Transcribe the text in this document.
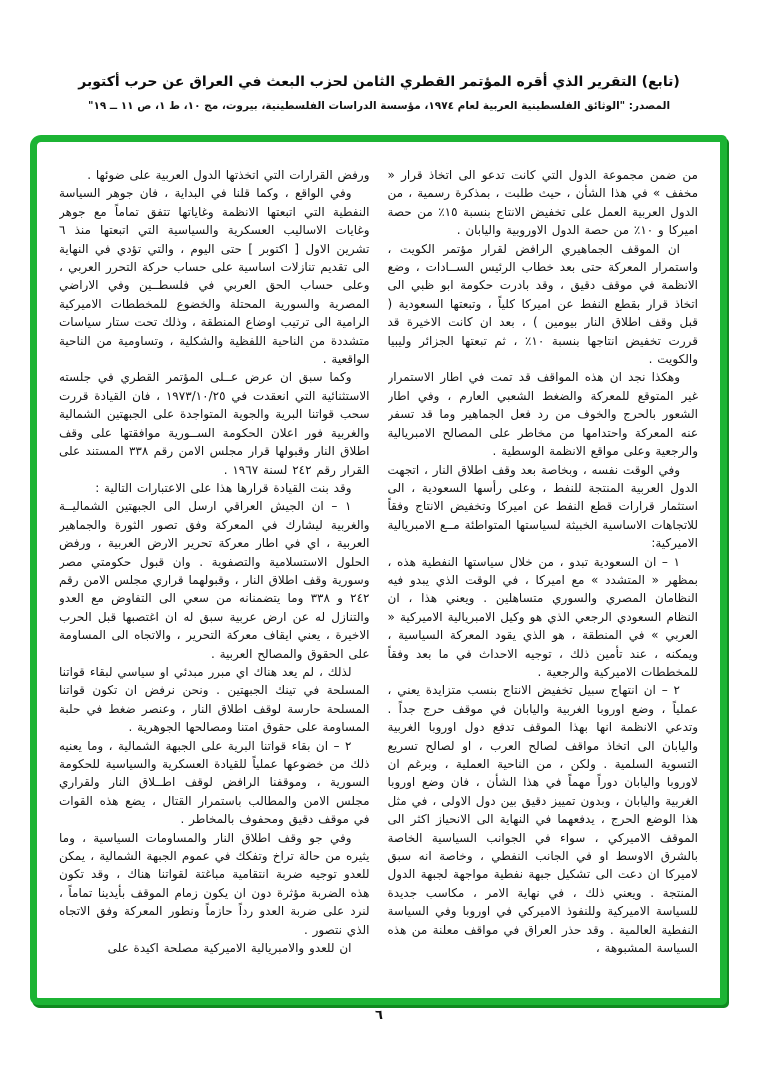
(تابع) التقرير الذي أقره المؤتمر القطري الثامن لحزب البعث في العراق عن حرب أكتوبر
المصدر: "الوثائق الفلسطينية العربية لعام ١٩٧٤، مؤسسة الدراسات الفلسطينية، بيروت، مج ١٠، ط ١، ص ١١ ــ ١٩"

من ضمن مجموعة الدول التي كانت تدعو الى اتخاذ قرار « مخفف » في هذا الشأن ، حيث طلبت ، بمذكرة رسمية ، من الدول العربية العمل على تخفيض الانتاج بنسبة ١٥٪ من حصة اميركا و ١٠٪ من حصة الدول الاوروبية واليابان .

ان الموقف الجماهيري الرافض لقرار مؤتمر الكويت ، واستمرار المعركة حتى بعد خطاب الرئيس الســادات ، وضع الانظمة في موقف دقيق ، وقد بادرت حكومة ابو ظبي الى اتخاذ قرار بقطع النفط عن اميركا كلياً ، وتبعتها السعودية ( قبل وقف اطلاق النار بيومين ) ، بعد ان كانت الاخيرة قد قررت تخفيض انتاجها بنسبة ١٠٪ ، ثم تبعتها الجزائر وليبيا والكويت .

وهكذا نجد ان هذه المواقف قد تمت في اطار الاستمرار غير المتوقع للمعركة والضغط الشعبي العارم ، وفي اطار الشعور بالحرج والخوف من رد فعل الجماهير وما قد تسفر عنه المعركة واحتدامها من مخاطر على المصالح الامبريالية والرجعية وعلى مواقع الانظمة الوسطية .

وفي الوقت نفسه ، وبخاصة بعد وقف اطلاق النار ، اتجهت الدول العربية المنتجة للنفط ، وعلى رأسها السعودية ، الى استثمار قرارات قطع النفط عن اميركا وتخفيض الانتاج وفقاً للاتجاهات الاساسية الخبيثة لسياستها المتواطئة مــع الامبريالية الاميركية:

١ – ان السعودية تبدو ، من خلال سياستها النفطية هذه ، بمظهر « المتشدد » مع اميركا ، في الوقت الذي يبدو فيه النظامان المصري والسوري متساهلين . ويعني هذا ، ان النظام السعودي الرجعي الذي هو وكيل الامبريالية الاميركية « العربي » في المنطقة ، هو الذي يقود المعركة السياسية ، ويمكنه ، عند تأمين ذلك ، توجيه الاحداث في ما بعد وفقاً للمخططات الاميركية والرجعية .

٢ – ان انتهاج سبيل تخفيض الانتاج بنسب متزايدة يعني ، عملياً ، وضع اوروبا الغربية واليابان في موقف حرج جداً . وتدعي الانظمة انها بهذا الموقف تدفع دول اوروبا الغربية واليابان الى اتخاذ مواقف لصالح العرب ، او لصالح تسريع التسوية السلمية . ولكن ، من الناحية العملية ، وبرغم ان لاوروبا واليابان دوراً مهماً في هذا الشأن ، فان وضع اوروبا الغربية واليابان ، وبدون تمييز دقيق بين دول الاولى ، في مثل هذا الوضع الحرج ، يدفعهما في النهاية الى الانحياز اكثر الى الموقف الاميركي ، سواء في الجوانب السياسية الخاصة بالشرق الاوسط او في الجانب النفطي ، وخاصة انه سبق لاميركا ان دعت الى تشكيل جبهة نفطية مواجهة لجبهة الدول المنتجة . ويعني ذلك ، في نهاية الامر ، مكاسب جديدة للسياسة الاميركية وللنفوذ الاميركي في اوروبا وفي السياسة النفطية العالمية . وقد حذر العراق في مواقف معلنة من هذه السياسة المشبوهة ،

ورفض القرارات التي اتخذتها الدول العربية على ضوئها .

وفي الواقع ، وكما قلنا في البداية ، فان جوهر السياسة النفطية التي اتبعتها الانظمة وغاياتها تتفق تماماً مع جوهر وغايات الاساليب العسكرية والسياسية التي اتبعتها منذ ٦ تشرين الاول [ اكتوبر ] حتى اليوم ، والتي تؤدي في النهاية الى تقديم تنازلات اساسية على حساب حركة التحرر العربي ، وعلى حساب الحق العربي في فلسطــين وفي الاراضي المصرية والسورية المحتلة والخضوع للمخططات الاميركية الرامية الى ترتيب اوضاع المنطقة ، وذلك تحت ستار سياسات متشددة من الناحية اللفظية والشكلية ، وتساومية من الناحية الواقعية .

وكما سبق ان عرض عــلى المؤتمر القطري في جلسته الاستثنائية التي انعقدت في ١٩٧٣/١٠/٢٥ ، فان القيادة قررت سحب قواتنا البرية والجوية المتواجدة على الجبهتين الشمالية والغربية فور اعلان الحكومة الســورية موافقتها على وقف اطلاق النار وقبولها قرار مجلس الامن رقم ٣٣٨ المستند على القرار رقم ٢٤٢ لسنة ١٩٦٧ .

وقد بنت القيادة قرارها هذا على الاعتبارات التالية :

١ – ان الجيش العراقي ارسل الى الجبهتين الشماليــة والغربية ليشارك في المعركة وفق تصور الثورة والجماهير العربية ، اي في اطار معركة تحرير الارض العربية ، ورفض الحلول الاستسلامية والتصفوية . وان قبول حكومتي مصر وسورية وقف اطلاق النار ، وقبولهما قراري مجلس الامن رقم ٢٤٢ و ٣٣٨ وما يتضمنانه من سعي الى التفاوض مع العدو والتنازل له عن ارض عربية سبق له ان اغتصبها قبل الحرب الاخيرة ، يعني ايقاف معركة التحرير ، والاتجاه الى المساومة على الحقوق والمصالح العربية .

لذلك ، لم يعد هناك اي مبرر مبدئي او سياسي لبقاء قواتنا المسلحة في تينك الجبهتين . ونحن نرفض ان تكون قواتنا المسلحة حارسة لوقف اطلاق النار ، وعنصر ضغط في حلبة المساومة على حقوق امتنا ومصالحها الجوهرية .

٢ – ان بقاء قواتنا البرية على الجبهة الشمالية ، وما يعنيه ذلك من خضوعها عملياً للقيادة العسكرية والسياسية للحكومة السورية ، وموقفنا الرافض لوقف اطــلاق النار ولقراري مجلس الامن والمطالب باستمرار القتال ، يضع هذه القوات في موقف دقيق ومحفوف بالمخاطر .

وفي جو وقف اطلاق النار والمساومات السياسية ، وما يثيره من حالة تراخ وتفكك في عموم الجبهة الشمالية ، يمكن للعدو توجيه ضربة انتقامية مباغتة لقواتنا هناك ، وقد تكون هذه الضربة مؤثرة دون ان يكون زمام الموقف بأيدينا تماماً ، لنرد على ضربة العدو رداً حازماً ونطور المعركة وفق الاتجاه الذي نتصور .

ان للعدو والامبريالية الاميركية مصلحة اكيدة على

٦
